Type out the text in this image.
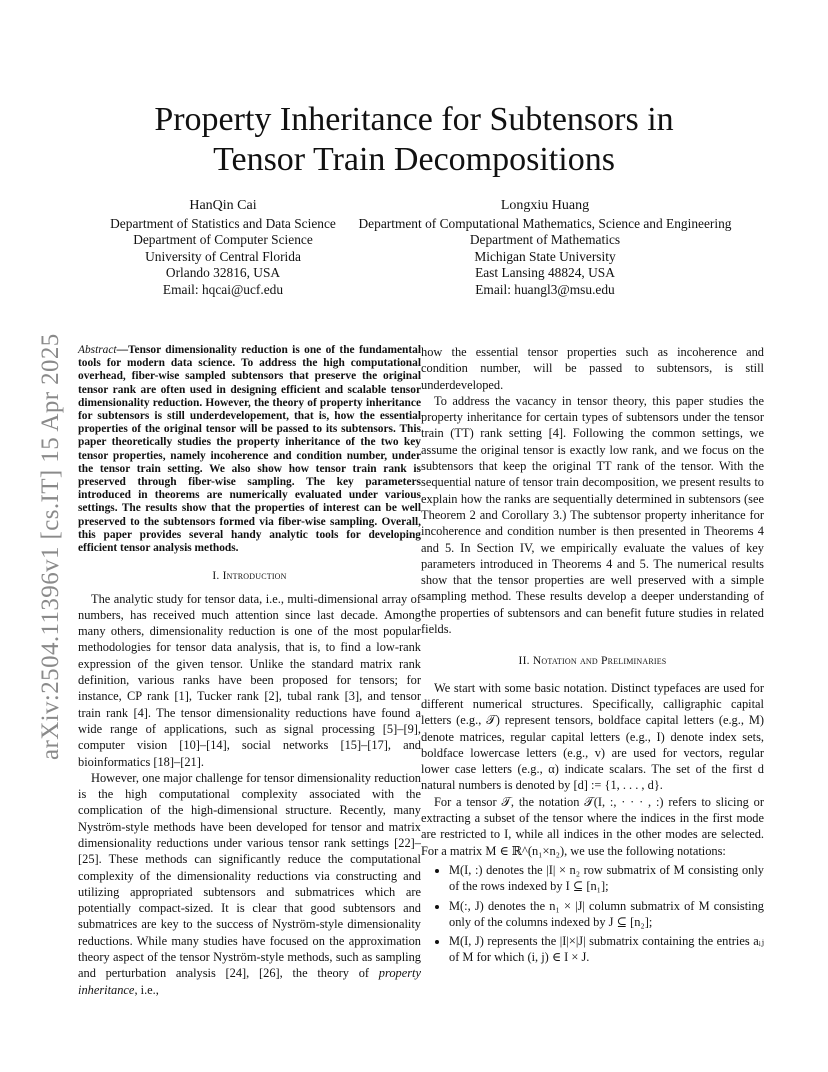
Property Inheritance for Subtensors in
Tensor Train Decompositions
HanQin Cai
Department of Statistics and Data Science
Department of Computer Science
University of Central Florida
Orlando 32816, USA
Email: hqcai@ucf.edu
Longxiu Huang
Department of Computational Mathematics, Science and Engineering
Department of Mathematics
Michigan State University
East Lansing 48824, USA
Email: huangl3@msu.edu
arXiv:2504.11396v1 [cs.IT] 15 Apr 2025 Abstract—Tensor dimensionality reduction is one of the fundamental tools for modern data science. To address the high computational overhead, fiber-wise sampled subtensors that preserve the original tensor rank are often used in designing efficient and scalable tensor dimensionality reduction. However, the theory of property inheritance for subtensors is still underdevelopement, that is, how the essential properties of the original tensor will be passed to its subtensors. This paper theoretically studies the property inheritance of the two key tensor properties, namely incoherence and condition number, under the tensor train setting. We also show how tensor train rank is preserved through fiber-wise sampling. The key parameters introduced in theorems are numerically evaluated under various settings. The results show that the properties of interest can be well preserved to the subtensors formed via fiber-wise sampling. Overall, this paper provides several handy analytic tools for developing efficient tensor analysis methods.
I. Introduction

The analytic study for tensor data, i.e., multi-dimensional array of numbers, has received much attention since last decade. Among many others, dimensionality reduction is one of the most popular methodologies for tensor data analysis, that is, to find a low-rank expression of the given tensor. Unlike the standard matrix rank definition, various ranks have been proposed for tensors; for instance, CP rank [1], Tucker rank [2], tubal rank [3], and tensor train rank [4]. The tensor dimensionality reductions have found a wide range of applications, such as signal processing [5]–[9], computer vision [10]–[14], social networks [15]–[17], and bioinformatics [18]–[21].

However, one major challenge for tensor dimensionality reduction is the high computational complexity associated with the complication of the high-dimensional structure. Recently, many Nyström-style methods have been developed for tensor and matrix dimensionality reductions under various tensor rank settings [22]–[25]. These methods can significantly reduce the computational complexity of the dimensionality reductions via constructing and utilizing appropriated subtensors and submatrices which are potentially compact-sized. It is clear that good subtensors and submatrices are key to the success of Nyström-style dimensionality reductions. While many studies have focused on the approximation theory aspect of the tensor Nyström-style methods, such as sampling and perturbation analysis [24], [26], the theory of property inheritance, i.e.,

how the essential tensor properties such as incoherence and condition number, will be passed to subtensors, is still underdeveloped.

To address the vacancy in tensor theory, this paper studies the property inheritance for certain types of subtensors under the tensor train (TT) rank setting [4]. Following the common settings, we assume the original tensor is exactly low rank, and we focus on the subtensors that keep the original TT rank of the tensor. With the sequential nature of tensor train decomposition, we present results to explain how the ranks are sequentially determined in subtensors (see Theorem 2 and Corollary 3.) The subtensor property inheritance for incoherence and condition number is then presented in Theorems 4 and 5. In Section IV, we empirically evaluate the values of key parameters introduced in Theorems 4 and 5. The numerical results show that the tensor properties are well preserved with a simple sampling method. These results develop a deeper understanding of the properties of subtensors and can benefit future studies in related fields.

II. Notation and Preliminaries

We start with some basic notation. Distinct typefaces are used for different numerical structures. Specifically, calligraphic capital letters (e.g., 𝒯) represent tensors, boldface capital letters (e.g., M) denote matrices, regular capital letters (e.g., I) denote index sets, boldface lowercase letters (e.g., v) are used for vectors, regular lower case letters (e.g., α) indicate scalars. The set of the first d natural numbers is denoted by [d] := {1, . . . , d}.

For a tensor 𝒯, the notation 𝒯(I, :, · · · , :) refers to slicing or extracting a subset of the tensor where the indices in the first mode are restricted to I, while all indices in the other modes are selected. For a matrix M ∈ ℝ^(n₁×n₂), we use the following notations:

• M(I, :) denotes the |I| × n₂ row submatrix of M consisting only of the rows indexed by I ⊆ [n₁];
• M(:, J) denotes the n₁ × |J| column submatrix of M consisting only of the columns indexed by J ⊆ [n₂];
• M(I, J) represents the |I|×|J| submatrix containing the entries aᵢⱼ of M for which (i, j) ∈ I × J.
